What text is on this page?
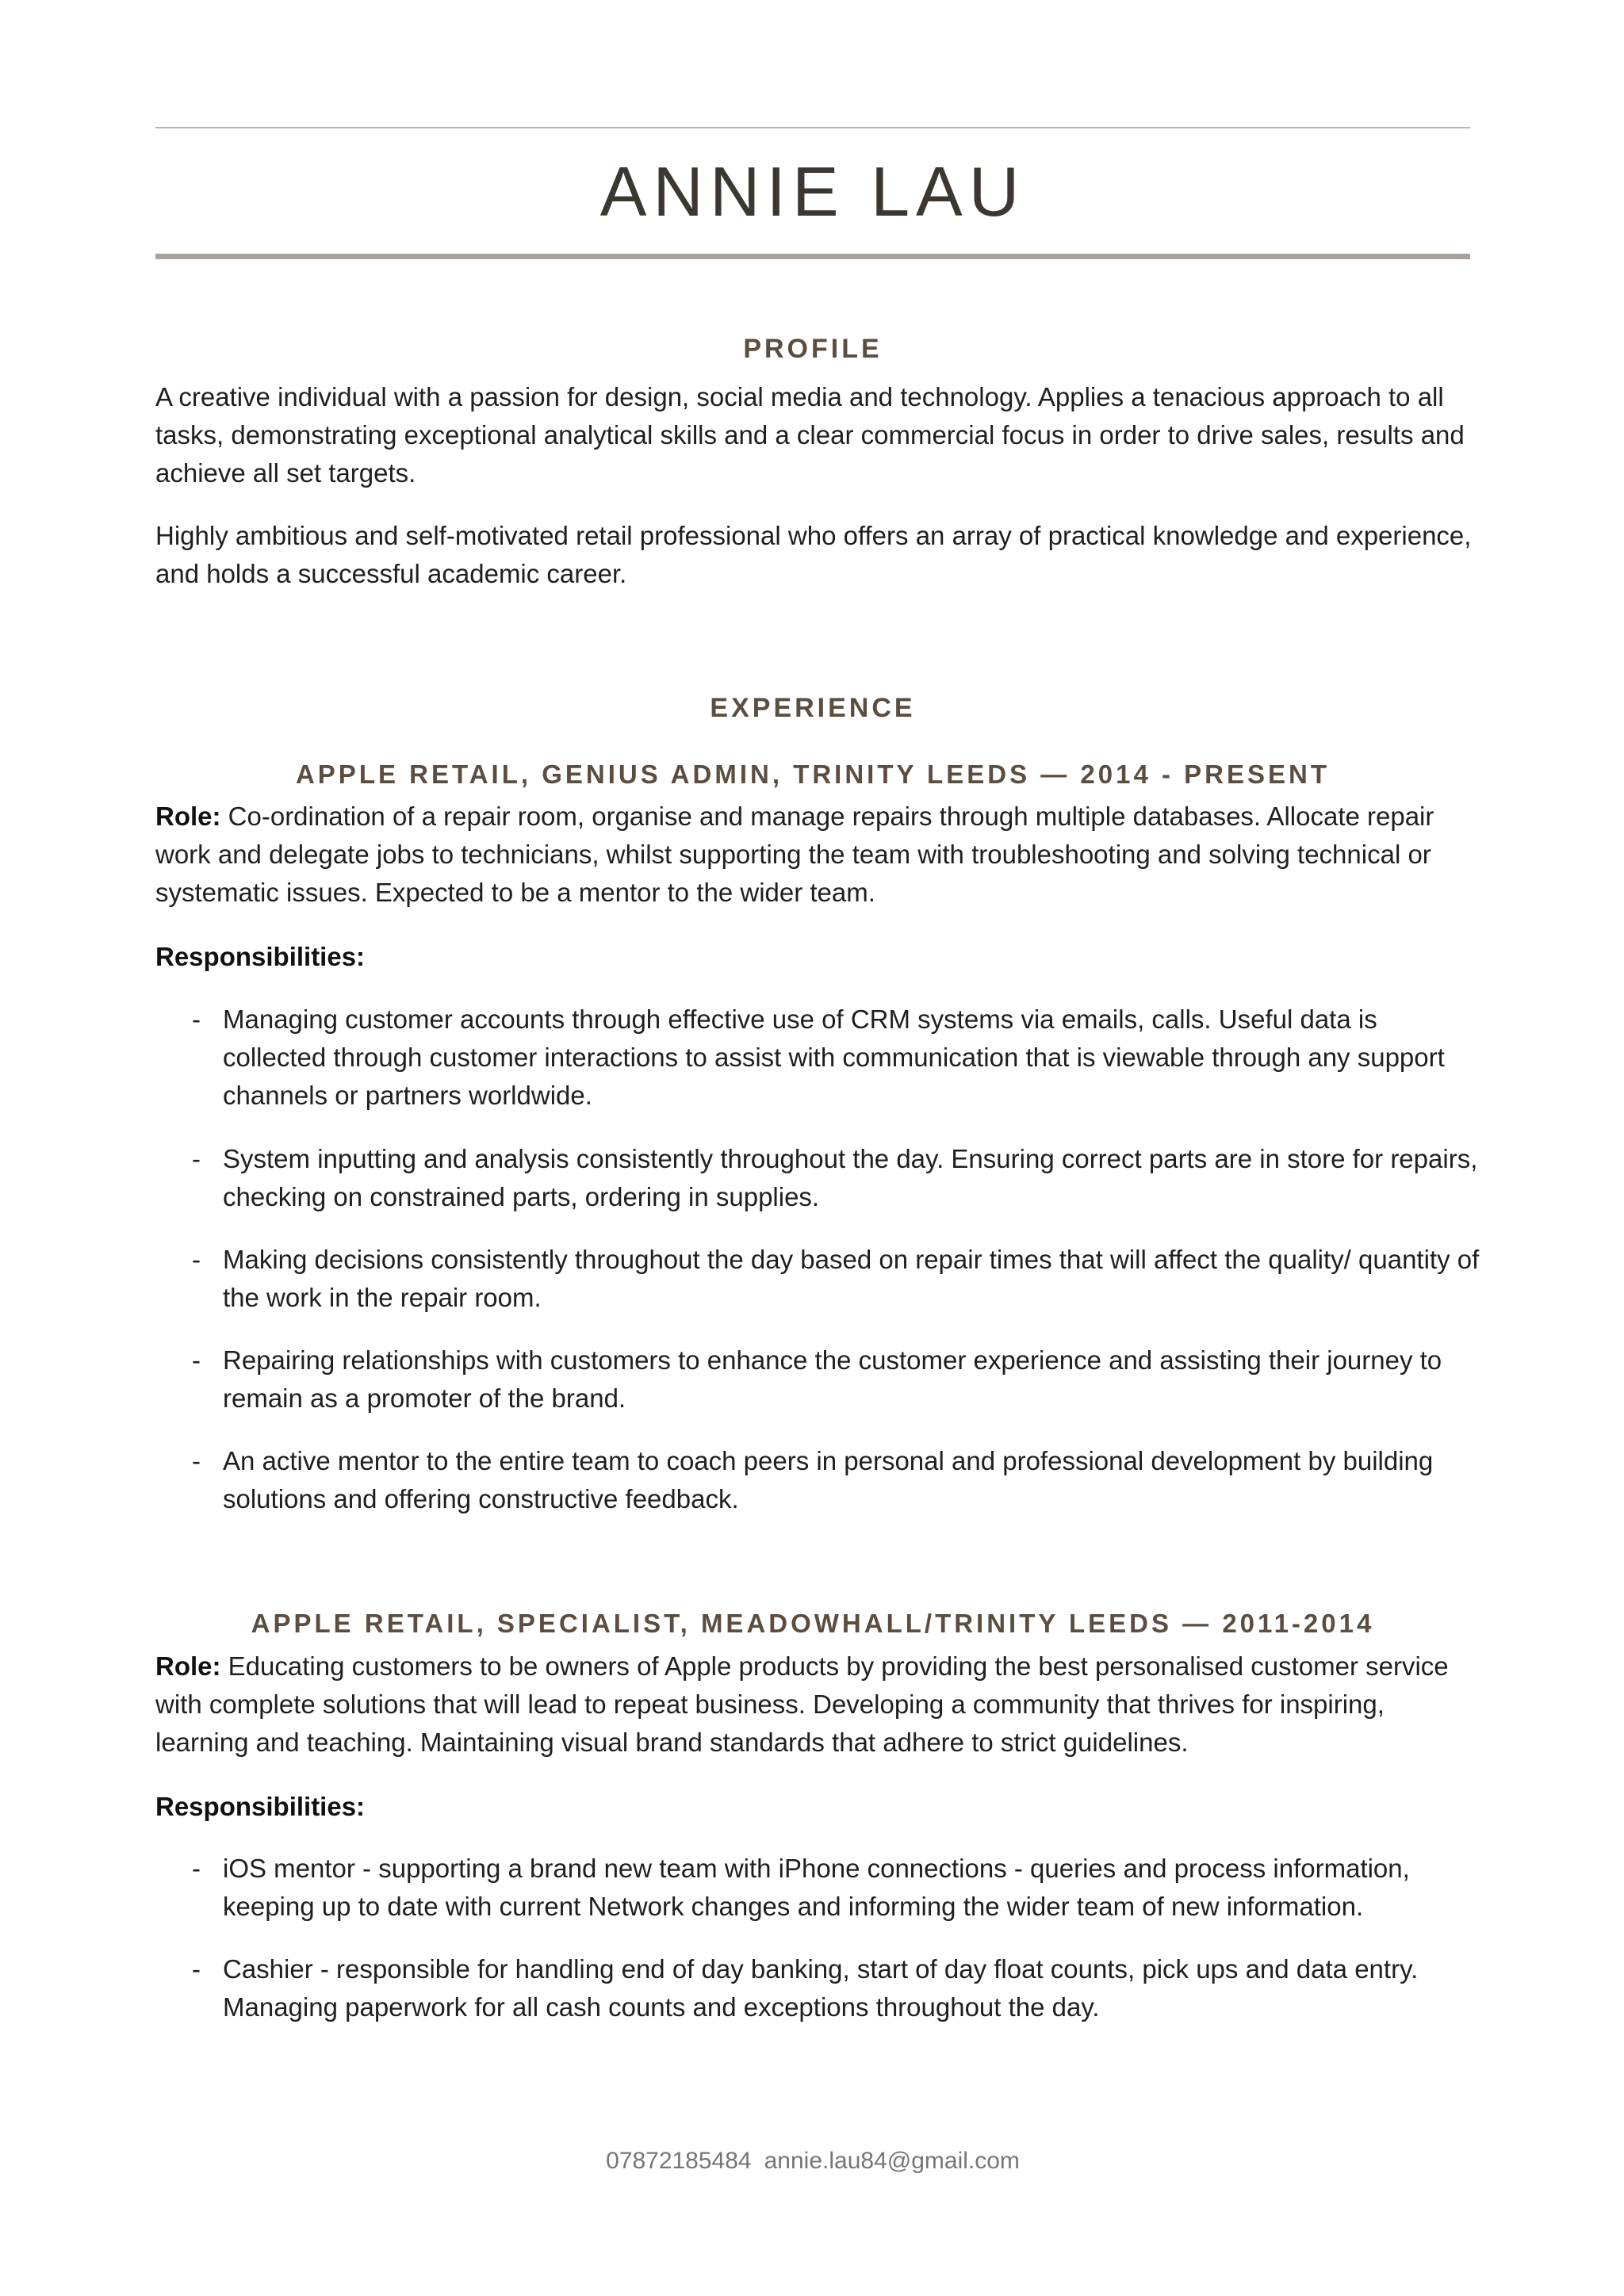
ANNIE LAU
PROFILE

A creative individual with a passion for design, social media and technology. Applies a tenacious approach to all tasks, demonstrating exceptional analytical skills and a clear commercial focus in order to drive sales, results and achieve all set targets.

Highly ambitious and self-motivated retail professional who offers an array of practical knowledge and experience, and holds a successful academic career.

EXPERIENCE
APPLE RETAIL, GENIUS ADMIN, TRINITY LEEDS — 2014 - PRESENT

Role: Co-ordination of a repair room, organise and manage repairs through multiple databases. Allocate repair work and delegate jobs to technicians, whilst supporting the team with troubleshooting and solving technical or systematic issues. Expected to be a mentor to the wider team.

Responsibilities:
- Managing customer accounts through effective use of CRM systems via emails, calls. Useful data is collected through customer interactions to assist with communication that is viewable through any support channels or partners worldwide.
- System inputting and analysis consistently throughout the day. Ensuring correct parts are in store for repairs, checking on constrained parts, ordering in supplies.
- Making decisions consistently throughout the day based on repair times that will affect the quality/ quantity of the work in the repair room.
- Repairing relationships with customers to enhance the customer experience and assisting their journey to remain as a promoter of the brand.
- An active mentor to the entire team to coach peers in personal and professional development by building solutions and offering constructive feedback.
APPLE RETAIL, SPECIALIST, MEADOWHALL/TRINITY LEEDS — 2011-2014

Role: Educating customers to be owners of Apple products by providing the best personalised customer service with complete solutions that will lead to repeat business. Developing a community that thrives for inspiring, learning and teaching. Maintaining visual brand standards that adhere to strict guidelines.

Responsibilities:
- iOS mentor - supporting a brand new team with iPhone connections - queries and process information, keeping up to date with current Network changes and informing the wider team of new information.
- Cashier - responsible for handling end of day banking, start of day float counts, pick ups and data entry. Managing paperwork for all cash counts and exceptions throughout the day.
07872185484 annie.lau84@gmail.com
